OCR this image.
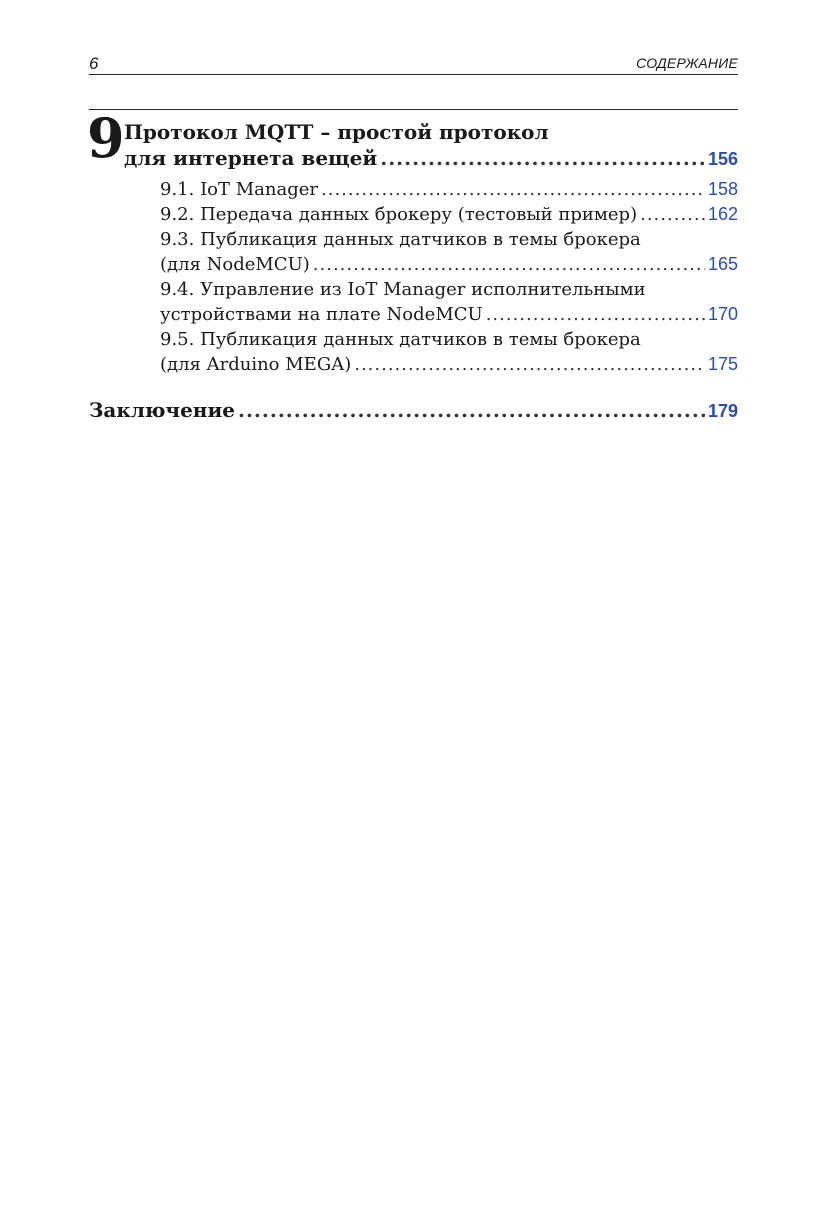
6	СОДЕРЖАНИЕ
9 Протокол MQTT – простой протокол
для интернета вещей .....	156
9.1. IoT Manager .....	158
9.2. Передача данных брокеру (тестовый пример) .....	162
9.3. Публикация данных датчиков в темы брокера
(для NodeMCU) .....	165
9.4. Управление из IoT Manager исполнительными
устройствами на плате NodeMCU .....	170
9.5. Публикация данных датчиков в темы брокера
(для Arduino MEGA) .....	175
Заключение .....	179
